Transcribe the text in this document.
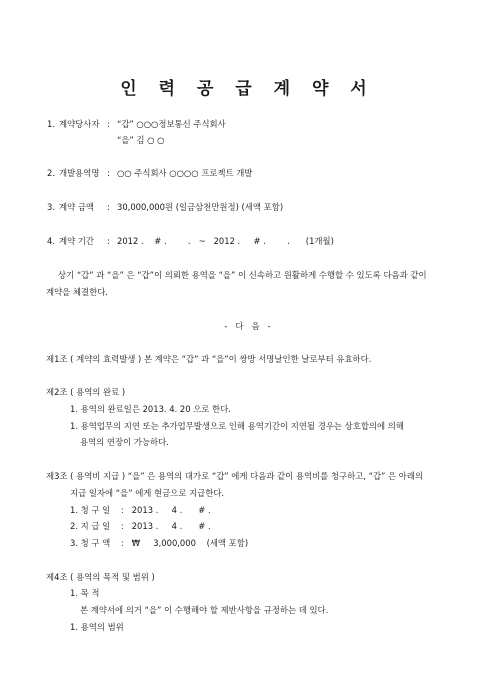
인 력 공 급 계 약 서
1. 계약당사자 : “갑” ○○○정보통신 주식회사
“을” 김 ○ ○
2. 개발용역명 : ○○ 주식회사 ○○○○ 프로젝트 개발
3. 계약 금액 : 30,000,000원 (일금삼천만원정) (세액 포함)
4. 계약 기간 : 2012 .    # .        .   ~   2012 .     # .        .      (1개월)
상기 “갑” 과 “을” 은 “갑”이 의뢰한 용역을 “을” 이 신속하고 원활하게 수행할 수 있도록 다음과 같이
계약을 체결한다.
-   다   음   -
제1조 ( 계약의 효력발생 ) 본 계약은 “갑” 과 “을”이 쌍방 서명날인한 날로부터 유효하다.
제2조 ( 용역의 완료 )
1. 용역의 완료일은 2013. 4. 20 으로 한다.
1. 용역업무의 지연 또는 추가업무발생으로 인해 용역기간이 지연될 경우는 상호합의에 의해
용역의 연장이 가능하다.
제3조 ( 용역비 지급 ) “을” 은 용역의 대가로 “갑” 에게 다음과 같이 용역비를 청구하고, “갑” 은 아래의
지급 일자에 “을” 에게 현금으로 지급한다.
1. 청 구 일    :   2013 .     4 .      # .
2. 지 급 일    :   2013 .     4 .      # .
3. 청 구 액    :   ₩     3,000,000    (세액 포함)
제4조 ( 용역의 목적 및 범위 )
1. 목 적
본 계약서에 의거 “을” 이 수행해야 할 제반사항을 규정하는 데 있다.
1. 용역의 범위
